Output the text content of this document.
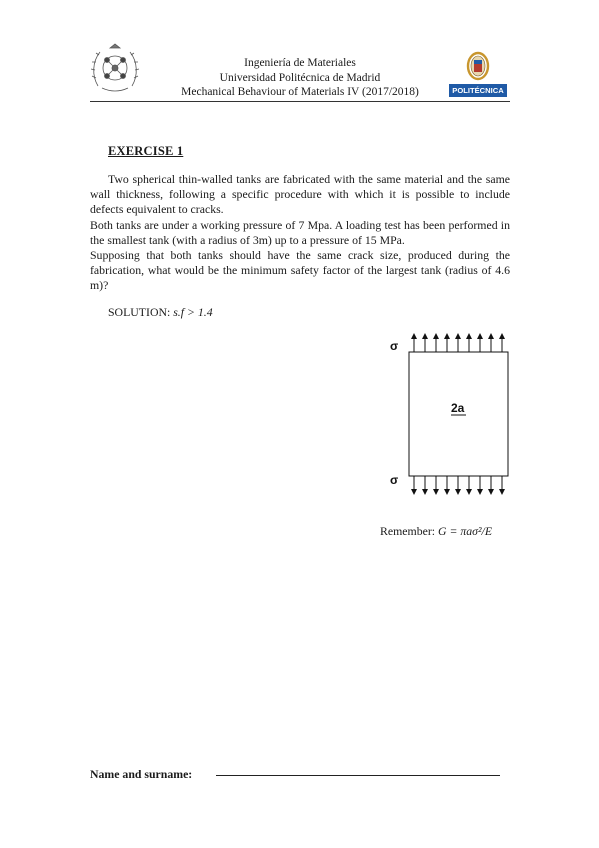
Ingeniería de Materiales
Universidad Politécnica de Madrid
Mechanical Behaviour of Materials IV (2017/2018)	POLITÉCNICA
EXERCISE 1

Two spherical thin-walled tanks are fabricated with the same material and the same wall thickness, following a specific procedure with which it is possible to include defects equivalent to cracks.

Both tanks are under a working pressure of 7 Mpa. A loading test has been performed in the smallest tank (with a radius of 3m) up to a pressure of 15 MPa.

Supposing that both tanks should have the same crack size, produced during the fabrication, what would be the minimum safety factor of the largest tank (radius of 4.6 m)?

SOLUTION: s.f > 1.4
σ
σ
2a
Remember: G = πaσ²/E
Name and surname:
